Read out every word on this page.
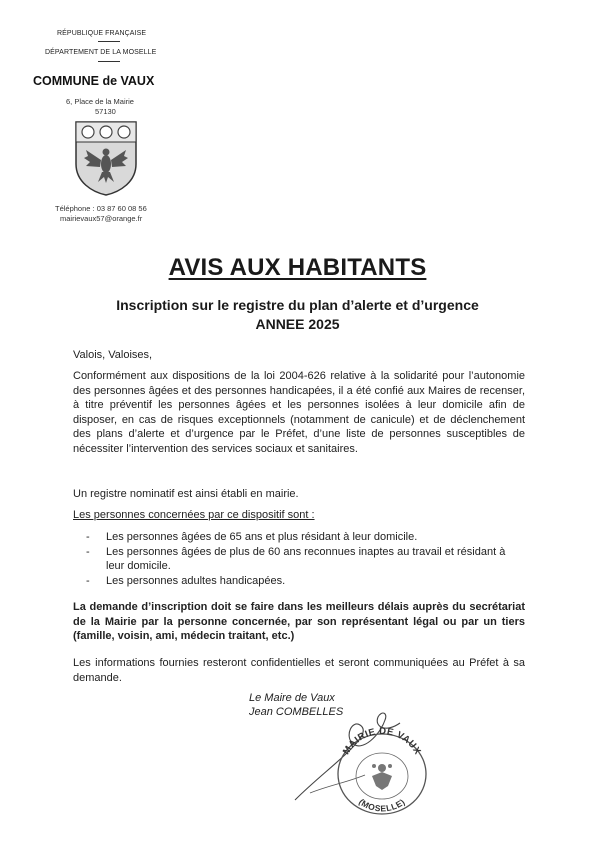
RÉPUBLIQUE FRANÇAISE
DÉPARTEMENT DE LA MOSELLE
COMMUNE de VAUX
6, Place de la Mairie
57130
Téléphone : 03 87 60 08 56
mairievaux57@orange.fr
AVIS AUX HABITANTS
Inscription sur le registre du plan d’alerte et d’urgence
ANNEE 2025
Valois, Valoises,
Conformément aux dispositions de la loi 2004-626 relative à la solidarité pour l’autonomie des personnes âgées et des personnes handicapées, il a été confié aux Maires de recenser, à titre préventif les personnes âgées et les personnes isolées à leur domicile afin de disposer, en cas de risques exceptionnels (notamment de canicule) et de déclenchement des plans d’alerte et d’urgence par le Préfet, d’une liste de personnes susceptibles de nécessiter l’intervention des services sociaux et sanitaires.
Un registre nominatif est ainsi établi en mairie.
Les personnes concernées par ce dispositif sont :
- Les personnes âgées de 65 ans et plus résidant à leur domicile.
- Les personnes âgées de plus de 60 ans reconnues inaptes au travail et résidant à leur domicile.
- Les personnes adultes handicapées.
La demande d’inscription doit se faire dans les meilleurs délais auprès du secrétariat de la Mairie par la personne concernée, par son représentant légal ou par un tiers (famille, voisin, ami, médecin traitant, etc.)
Les informations fournies resteront confidentielles et seront communiquées au Préfet à sa demande.
Le Maire de Vaux
Jean COMBELLES
MAIRIE DE VAUX
(MOSELLE)
